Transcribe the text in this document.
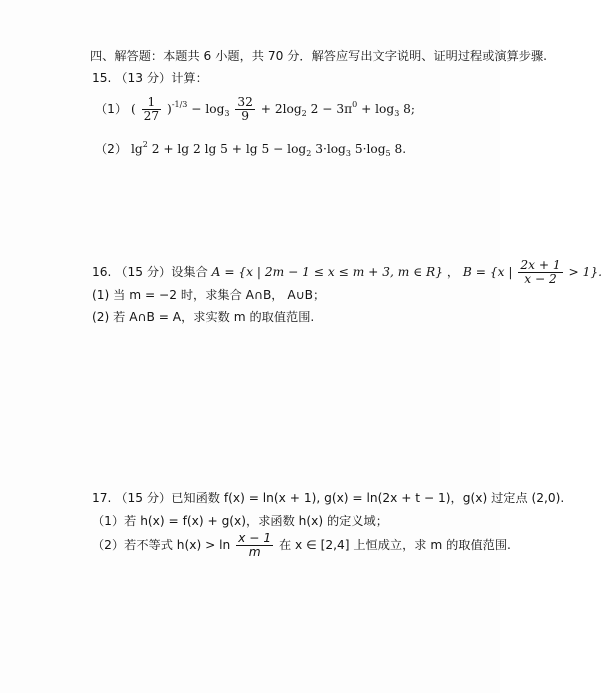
四、解答题：本题共 6 小题，共 70 分．解答应写出文字说明、证明过程或演算步骤.
15. （13 分）计算：
（1） ( $\frac{1}{27} )^{-1/3} - \log_3 \frac{32}{9} + 2\log_2$ $2 - 3\pi^0 + \log_3 8$;
（2） $\lg^2 2 + \lg 2$ $\lg 5 + \lg 5 - \log_2 3\cdot\log_3$ $5\cdot\log_5$ 8.
16. （15 分）设集合 A = {x | 2m − 1 ≤ x ≤ m + 3, m ∈ R} ， B = {x | $\frac{2x + 1}{x - 2} > 1$}.
(1) 当 m = −2 时，求集合 A∩B， A∪B；
(2) 若 A∩B = A，求实数 m 的取值范围.
17. （15 分）已知函数 f(x) = ln(x + 1), g(x) = ln(2x + t − 1)，g(x) 过定点 (2,0).
（1）若 h(x) = f(x) + g(x)，求函数 h(x) 的定义域；
（2）若不等式 $h(x) > \ln \frac{x - 1}{m}$ 在 x ∈ [2,4] 上恒成立，求 m 的取值范围.
